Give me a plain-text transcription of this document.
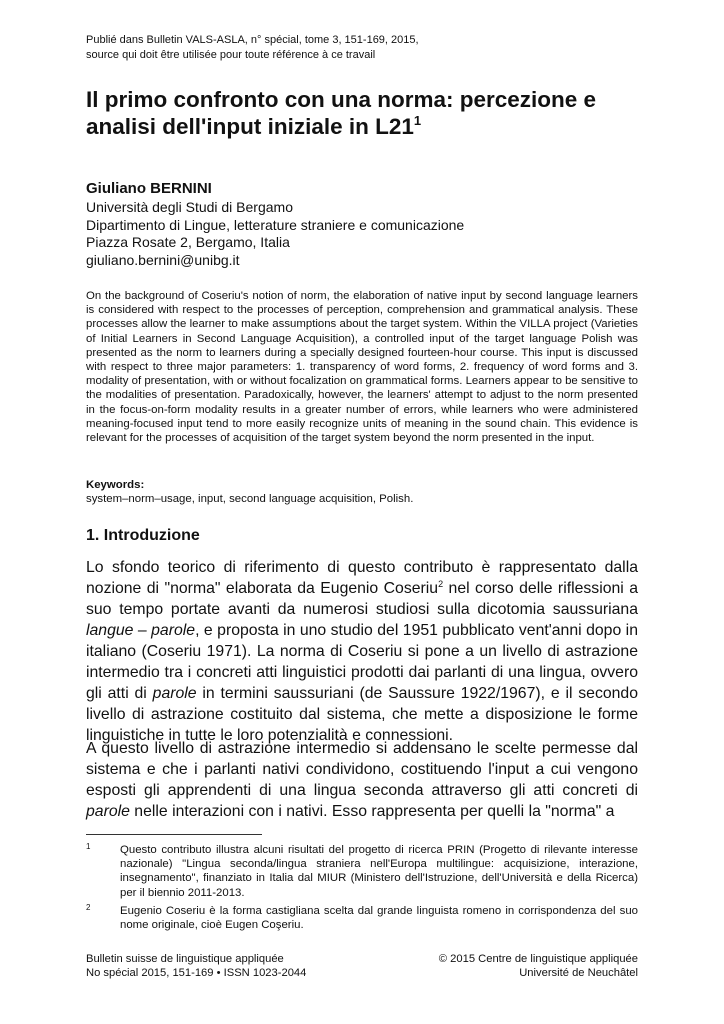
Publié dans Bulletin VALS-ASLA, n° spécial, tome 3, 151-169, 2015,
source qui doit être utilisée pour toute référence à ce travail
Il primo confronto con una norma: percezione e
analisi dell'input iniziale in $L21^1$
Giuliano BERNINI
Università degli Studi di Bergamo
Dipartimento di Lingue, letterature straniere e comunicazione
Piazza Rosate 2, Bergamo, Italia
giuliano.bernini@unibg.it

On the background of Coseriu's notion of norm, the elaboration of native input by second language learners is considered with respect to the processes of perception, comprehension and grammatical analysis. These processes allow the learner to make assumptions about the target system. Within the VILLA project (Varieties of Initial Learners in Second Language Acquisition), a controlled input of the target language Polish was presented as the norm to learners during a specially designed fourteen-hour course. This input is discussed with respect to three major parameters: 1. transparency of word forms, 2. frequency of word forms and 3. modality of presentation, with or without focalization on grammatical forms. Learners appear to be sensitive to the modalities of presentation. Paradoxically, however, the learners' attempt to adjust to the norm presented in the focus-on-form modality results in a greater number of errors, while learners who were administered meaning-focused input tend to more easily recognize units of meaning in the sound chain. This evidence is relevant for the processes of acquisition of the target system beyond the norm presented in the input.

Keywords:
system–norm–usage, input, second language acquisition, Polish.
1. Introduzione

Lo sfondo teorico di riferimento di questo contributo è rappresentato dalla nozione di "norma" elaborata da Eugenio Coseriu$^2$ nel corso delle riflessioni a suo tempo portate avanti da numerosi studiosi sulla dicotomia saussuriana langue – parole, e proposta in uno studio del 1951 pubblicato vent'anni dopo in italiano (Coseriu 1971). La norma di Coseriu si pone a un livello di astrazione intermedio tra i concreti atti linguistici prodotti dai parlanti di una lingua, ovvero gli atti di parole in termini saussuriani (de Saussure 1922/1967), e il secondo livello di astrazione costituito dal sistema, che mette a disposizione le forme linguistiche in tutte le loro potenzialità e connessioni.

A questo livello di astrazione intermedio si addensano le scelte permesse dal sistema e che i parlanti nativi condividono, costituendo l'input a cui vengono esposti gli apprendenti di una lingua seconda attraverso gli atti concreti di parole nelle interazioni con i nativi. Esso rappresenta per quelli la "norma" a

1	Questo contributo illustra alcuni risultati del progetto di ricerca PRIN (Progetto di rilevante interesse nazionale) "Lingua seconda/lingua straniera nell'Europa multilingue: acquisizione, interazione, insegnamento", finanziato in Italia dal MIUR (Ministero dell'Istruzione, dell'Università e della Ricerca) per il biennio 2011-2013.
2	Eugenio Coseriu è la forma castigliana scelta dal grande linguista romeno in corrispondenza del suo nome originale, cioè Eugen Coşeriu.
Bulletin suisse de linguistique appliquée
No spécial 2015, 151-169 • ISSN 1023-2044
© 2015 Centre de linguistique appliquée
Université de Neuchâtel
